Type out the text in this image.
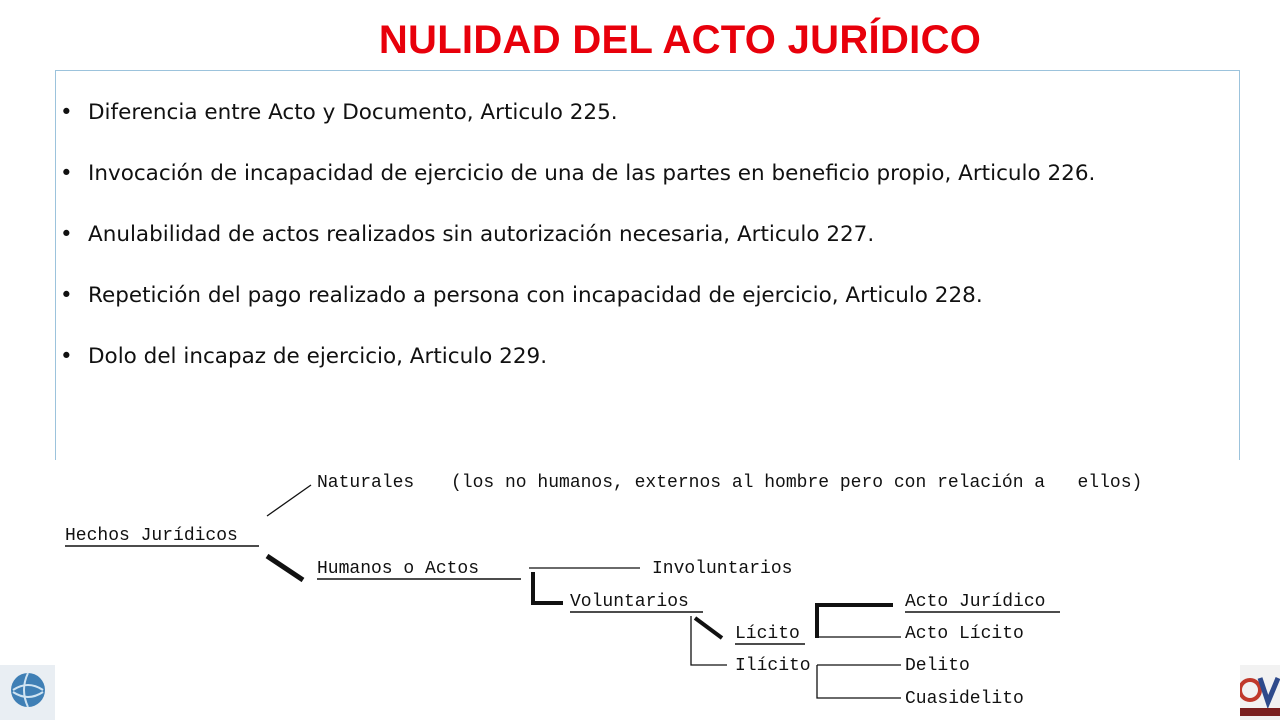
NULIDAD DEL ACTO JURÍDICO
• Diferencia entre Acto y Documento, Articulo 225.
• Invocación de incapacidad de ejercicio de una de las partes en beneficio propio, Articulo 226.
• Anulabilidad de actos realizados sin autorización necesaria, Articulo 227.
• Repetición del pago realizado a persona con incapacidad de ejercicio, Articulo 228.
• Dolo del incapaz de ejercicio, Articulo 229.
Hechos Jurídicos
Naturales (los no humanos, externos al hombre pero con relación a   ellos)
Humanos o Actos	Involuntarios
Voluntarios
Lícito
Ilícito
Acto Jurídico
Acto Lícito
Delito
Cuasidelito
